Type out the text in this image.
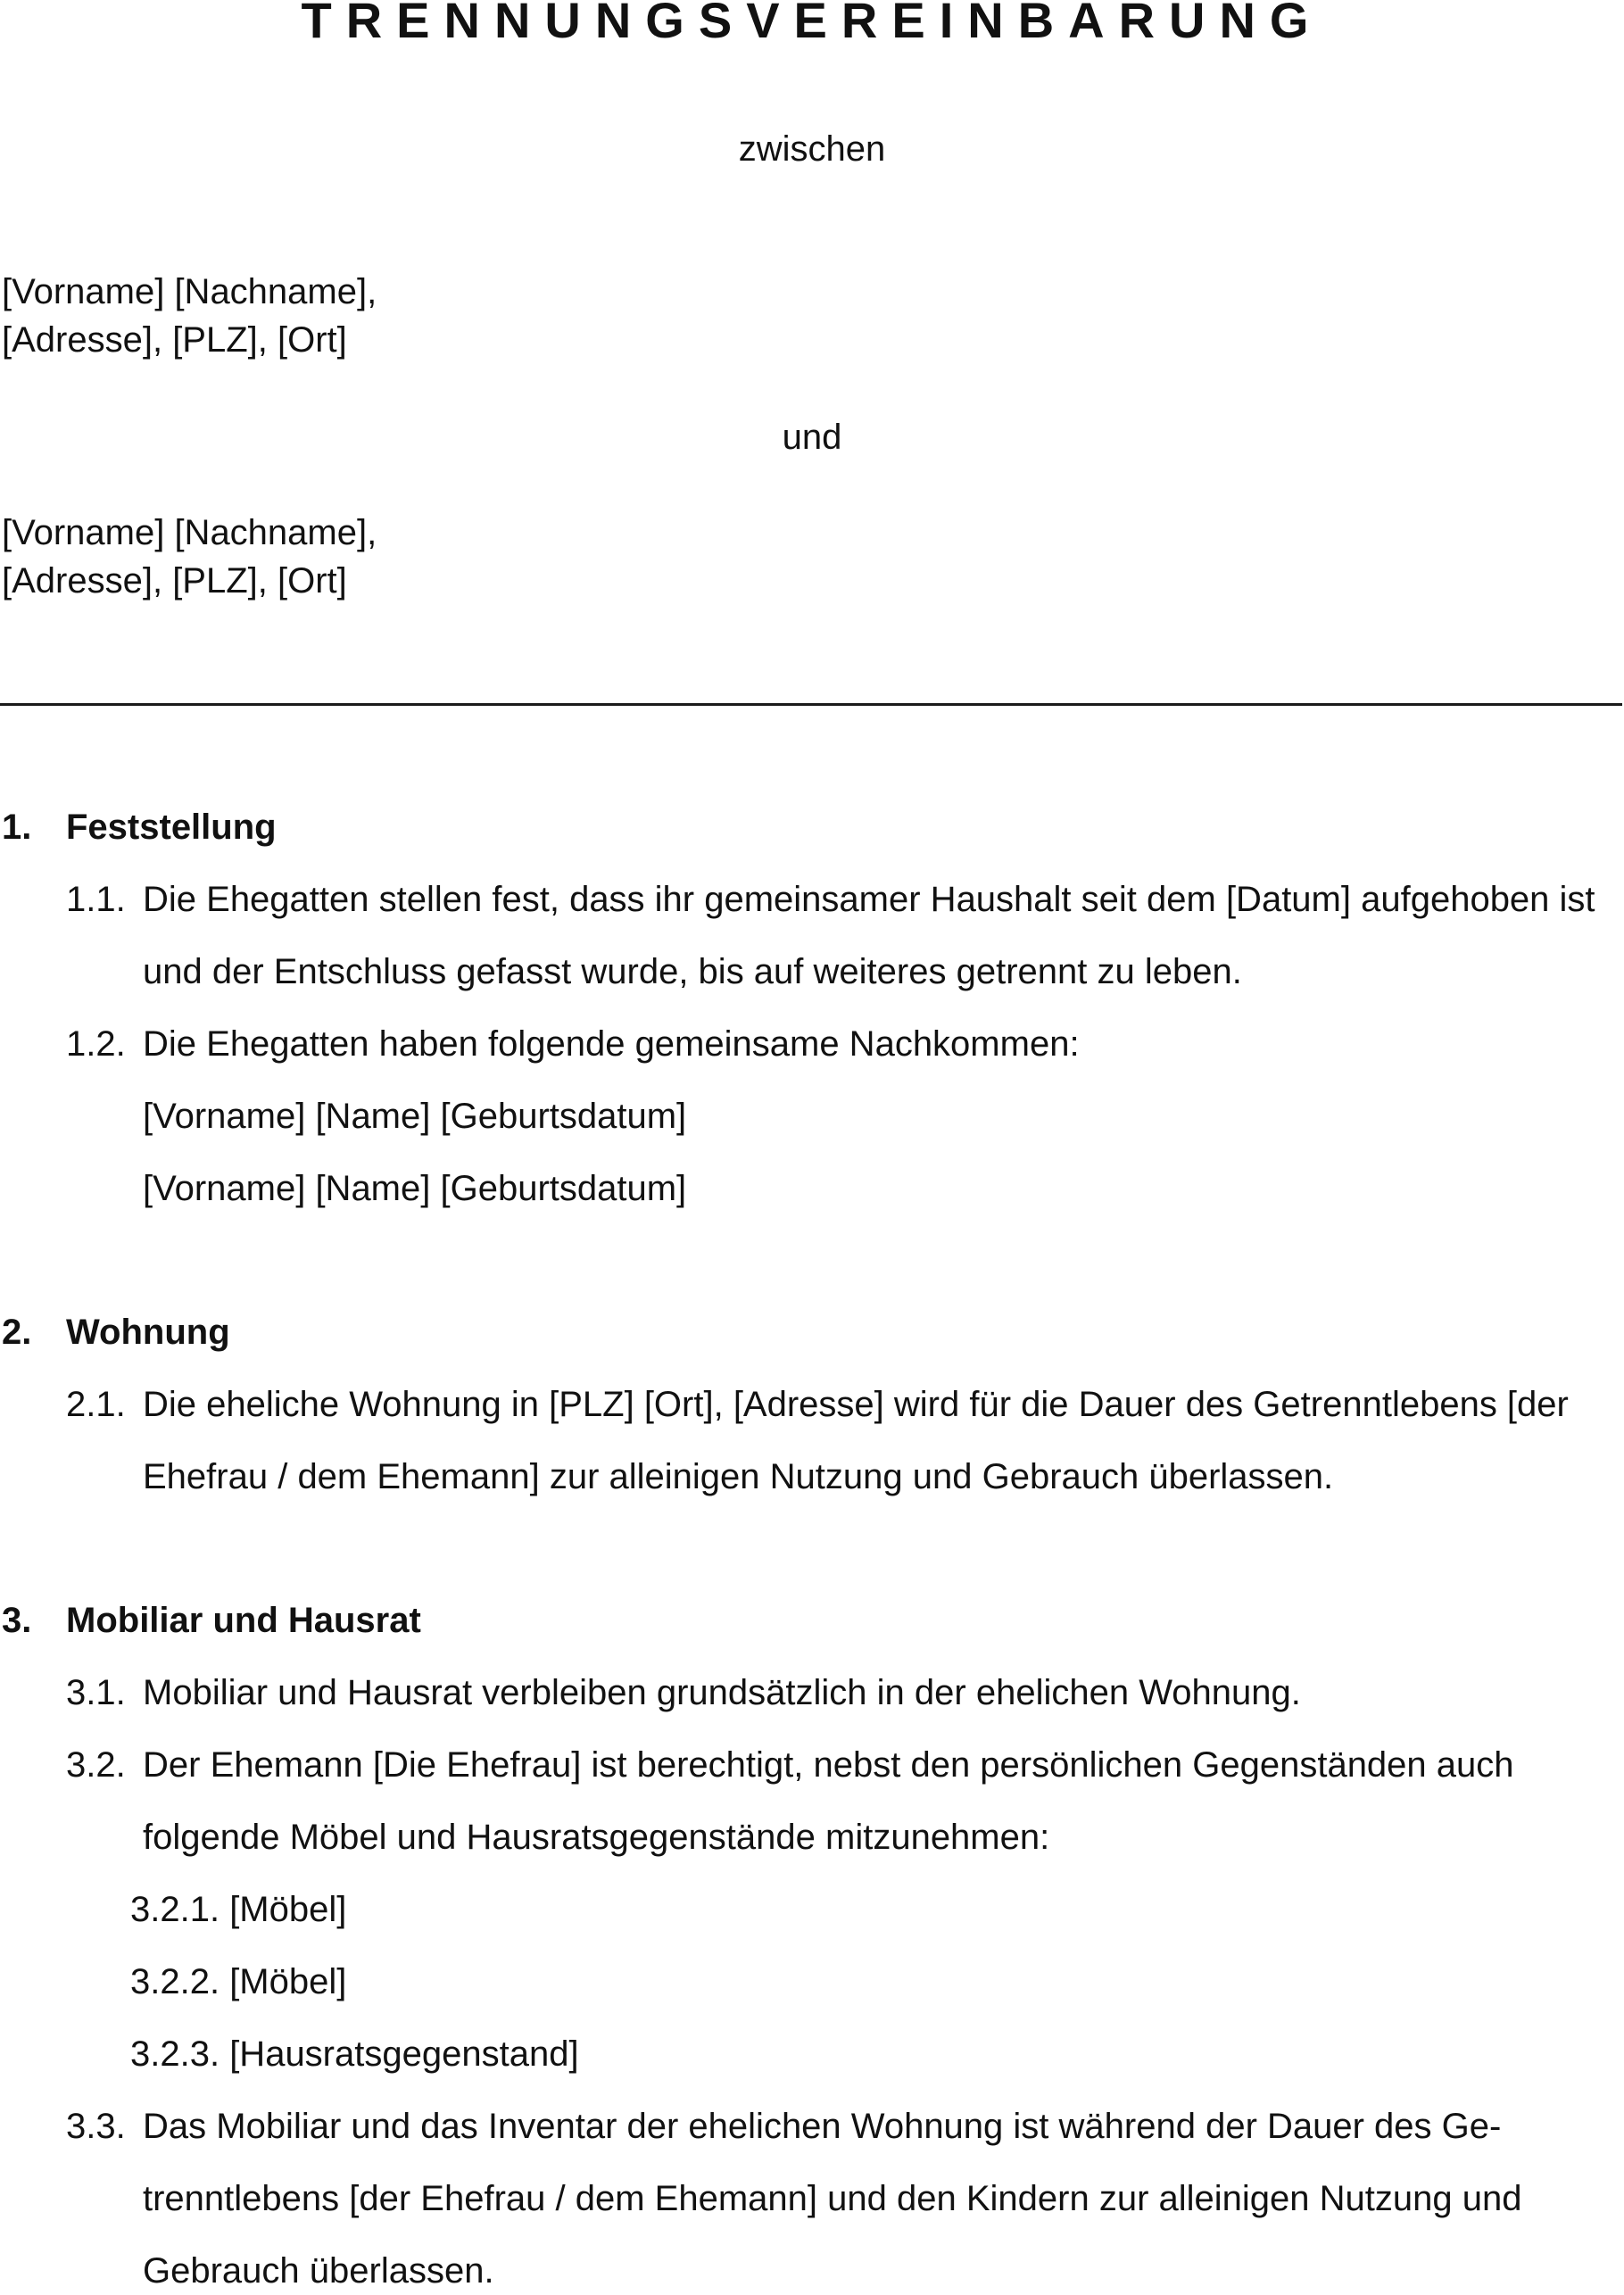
TRENNUNGSVEREINBARUNG
zwischen
[Vorname] [Nachname],
[Adresse], [PLZ], [Ort]
und
[Vorname] [Nachname],
[Adresse], [PLZ], [Ort]
1. Feststellung
1.1. Die Ehegatten stellen fest, dass ihr gemeinsamer Haushalt seit dem [Datum] aufgehoben ist
und der Entschluss gefasst wurde, bis auf weiteres getrennt zu leben.
1.2. Die Ehegatten haben folgende gemeinsame Nachkommen:
[Vorname] [Name] [Geburtsdatum]
[Vorname] [Name] [Geburtsdatum]
2. Wohnung
2.1. Die eheliche Wohnung in [PLZ] [Ort], [Adresse] wird für die Dauer des Getrenntlebens [der
Ehefrau / dem Ehemann] zur alleinigen Nutzung und Gebrauch überlassen.
3. Mobiliar und Hausrat
3.1. Mobiliar und Hausrat verbleiben grundsätzlich in der ehelichen Wohnung.
3.2. Der Ehemann [Die Ehefrau] ist berechtigt, nebst den persönlichen Gegenständen auch
folgende Möbel und Hausratsgegenstände mitzunehmen:
3.2.1. [Möbel]
3.2.2. [Möbel]
3.2.3. [Hausratsgegenstand]
3.3. Das Mobiliar und das Inventar der ehelichen Wohnung ist während der Dauer des Ge-
trenntlebens [der Ehefrau / dem Ehemann] und den Kindern zur alleinigen Nutzung und
Gebrauch überlassen.
